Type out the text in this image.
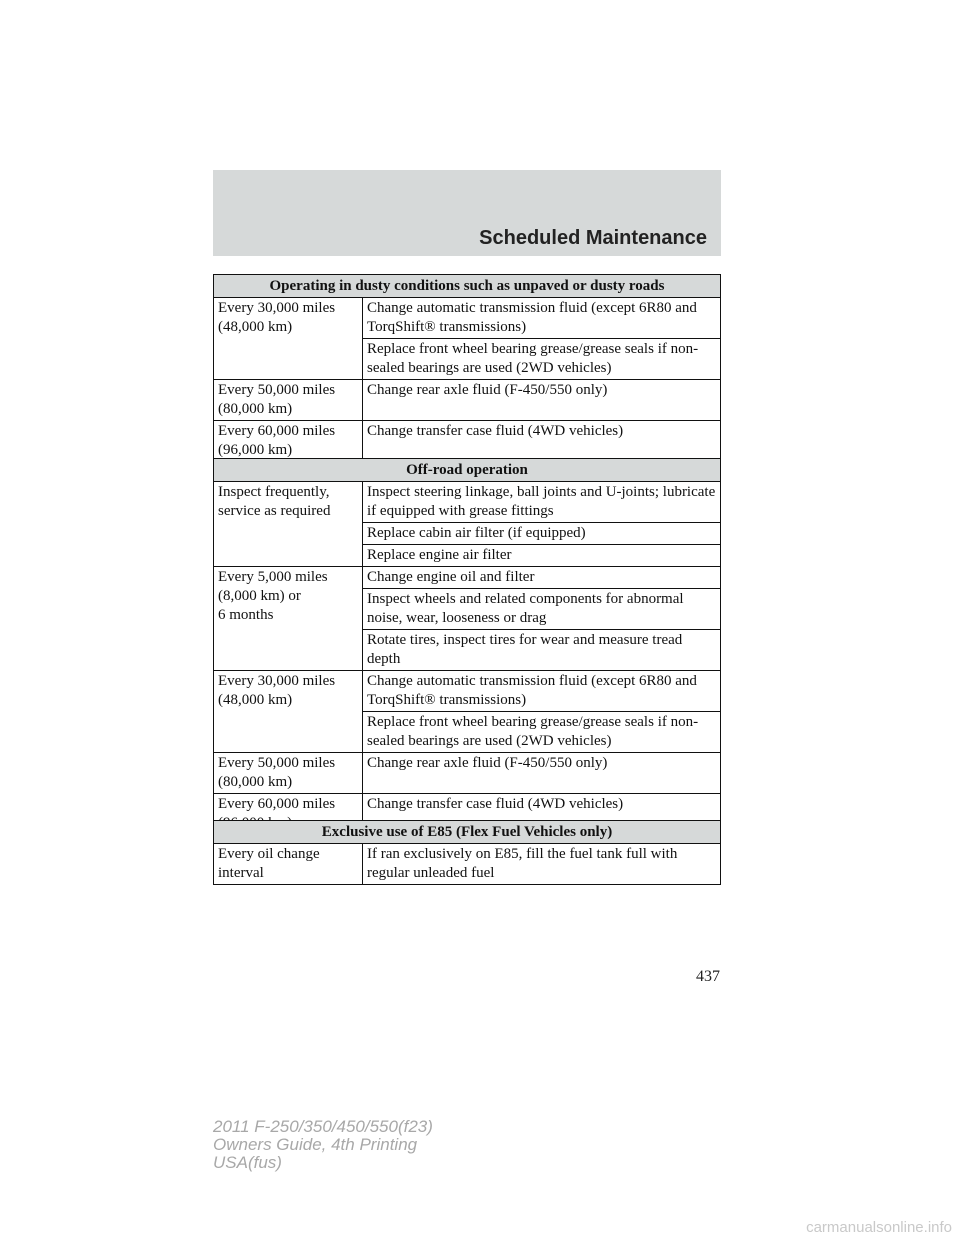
Scheduled Maintenance
Operating in dusty conditions such as unpaved or dusty roads	
Every 30,000 miles
(48,000 km)	Change automatic transmission fluid (except 6R80 and TorqShift® transmissions)
	Replace front wheel bearing grease/grease seals if non-sealed bearings are used (2WD vehicles)
Every 50,000 miles
(80,000 km)	Change rear axle fluid (F-450/550 only)
Every 60,000 miles
(96,000 km)	Change transfer case fluid (4WD vehicles)
Off-road operation	
Inspect frequently,
service as required	Inspect steering linkage, ball joints and U-joints; lubricate if equipped with grease fittings
	Replace cabin air filter (if equipped)
	Replace engine air filter
Every 5,000 miles
(8,000 km) or
6 months	Change engine oil and filter
	Inspect wheels and related components for abnormal noise, wear, looseness or drag
	Rotate tires, inspect tires for wear and measure tread depth
Every 30,000 miles
(48,000 km)	Change automatic transmission fluid (except 6R80 and TorqShift® transmissions)
	Replace front wheel bearing grease/grease seals if non-sealed bearings are used (2WD vehicles)
Every 50,000 miles
(80,000 km)	Change rear axle fluid (F-450/550 only)
Every 60,000 miles	Change transfer case fluid (4WD vehicles)
Exclusive use of E85 (Flex Fuel Vehicles only)
Every oil change
interval	If ran exclusively on E85, fill the fuel tank full with regular unleaded fuel
437
2011 F-250/350/450/550(f23)
Owners Guide, 4th Printing
USA(fus)
carmanualsonline.info
